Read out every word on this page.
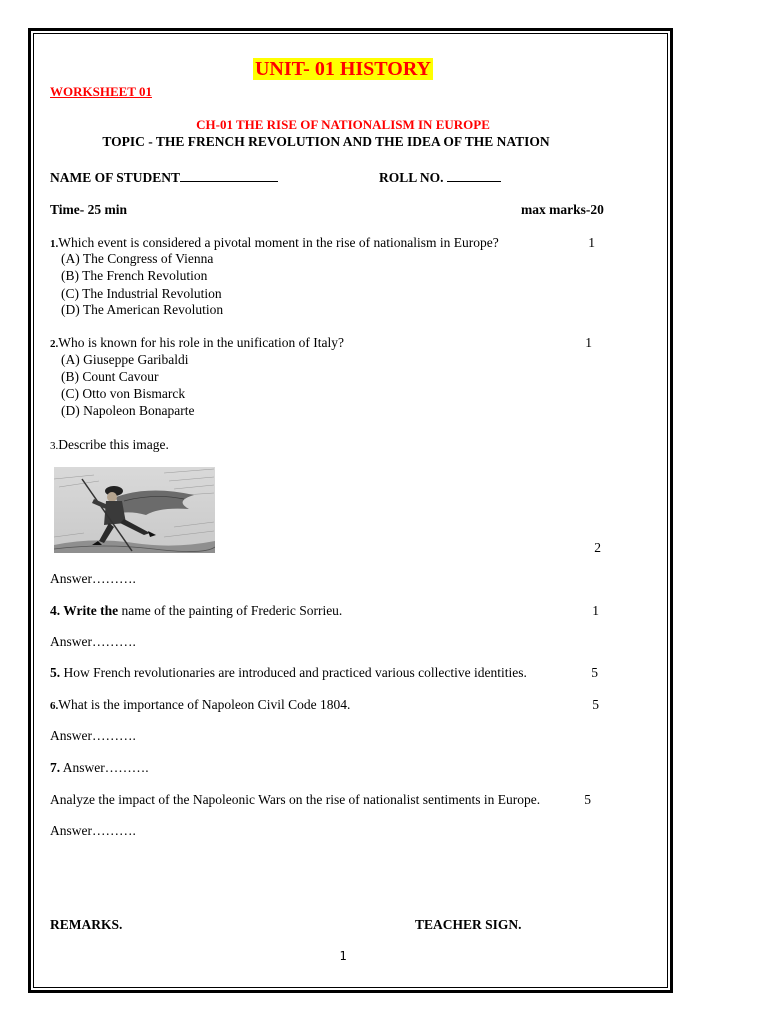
UNIT- 01 HISTORY
WORKSHEET 01
CH-01 THE RISE OF NATIONALISM IN EUROPE
TOPIC - THE FRENCH REVOLUTION AND THE IDEA OF THE NATION
NAME OF STUDENT	ROLL NO.
Time- 25 min	max marks-20
1.Which event is considered a pivotal moment in the rise of nationalism in Europe?	1
(A) The Congress of Vienna
(B) The French Revolution
(C) The Industrial Revolution
(D) The American Revolution
2.Who is known for his role in the unification of Italy?	1
(A) Giuseppe Garibaldi
(B) Count Cavour
(C) Otto von Bismarck
(D) Napoleon Bonaparte
3.Describe this image.
2
Answer……….
4. Write the name of the painting of Frederic Sorrieu.	1
Answer……….
5. How French revolutionaries are introduced and practiced various collective identities.	5
6.What is the importance of Napoleon Civil Code 1804.	5
Answer……….
7. Answer……….
Analyze the impact of the Napoleonic Wars on the rise of nationalist sentiments in Europe.	5
Answer……….
REMARKS.	TEACHER SIGN.
1
